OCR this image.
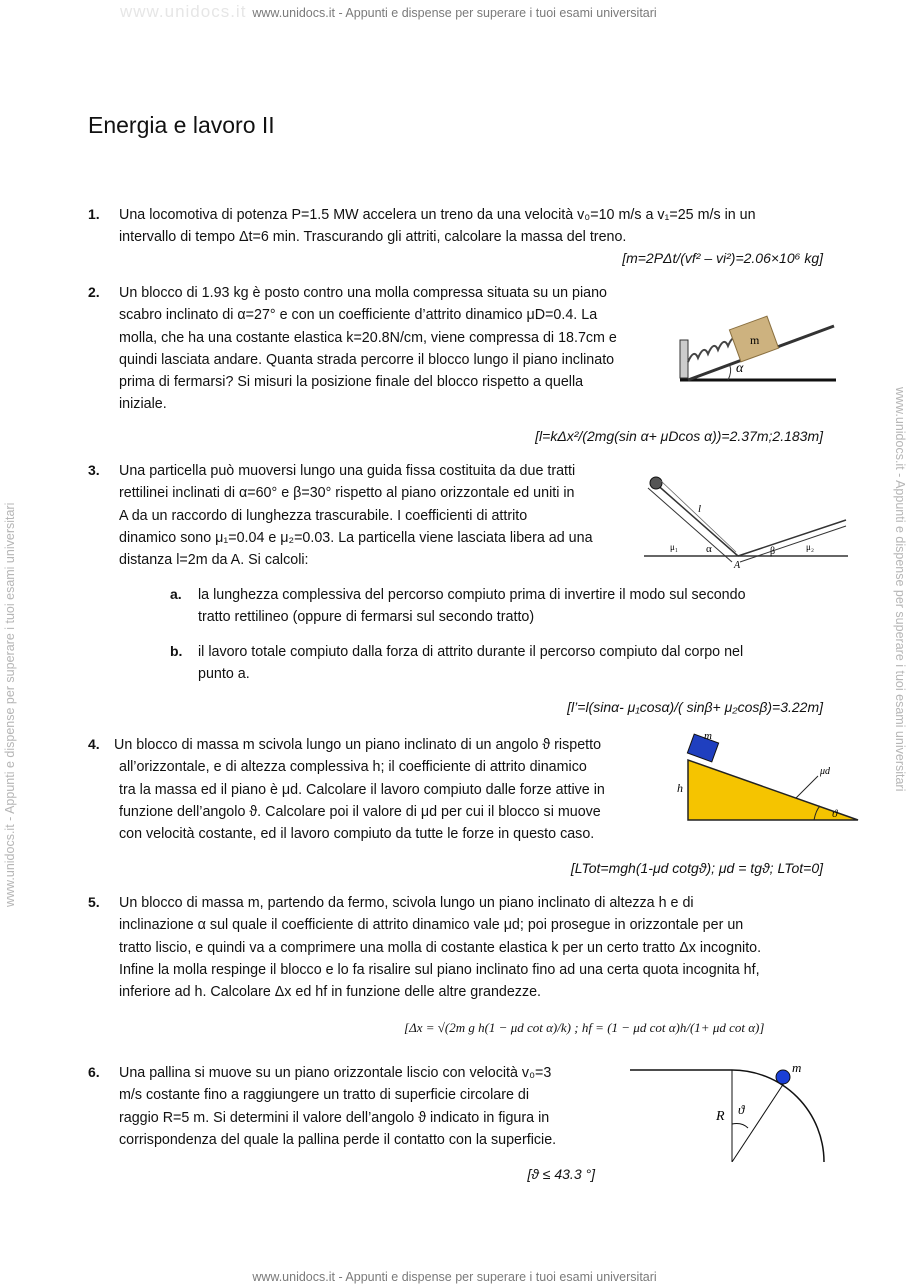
www.unidocs.it www.unidocs.it - Appunti e dispense per superare i tuoi esami universitari
www.unidocs.it - Appunti e dispense per superare i tuoi esami universitari
www.unidocs.it - Appunti e dispense per superare i tuoi esami universitari	www.unidocs.it - Appunti e dispense per superare i tuoi esami universitari
Energia e lavoro II
1.	Una locomotiva di potenza P=1.5 MW accelera un treno da una velocità v₀=10 m/s a v₁=25 m/s in un
intervallo di tempo Δt=6 min. Trascurando gli attriti, calcolare la massa del treno.
[m=2PΔt/(vf² – vi²)=2.06×10⁶ kg]
2.	Un blocco di 1.93 kg è posto contro una molla compressa situata su un piano
scabro inclinato di α=27° e con un coefficiente d’attrito dinamico μD=0.4. La
molla, che ha una costante elastica k=20.8N/cm, viene compressa di 18.7cm e
quindi lasciata andare. Quanta strada percorre il blocco lungo il piano inclinato
prima di fermarsi? Si misuri la posizione finale del blocco rispetto a quella
iniziale.
m
α
[l=kΔx²/(2mg(sin α+ μDcos α))=2.37m;2.183m]
3.	Una particella può muoversi lungo una guida fissa costituita da due tratti
rettilinei inclinati di α=60° e β=30° rispetto al piano orizzontale ed uniti in
A da un raccordo di lunghezza trascurabile. I coefficienti di attrito
dinamico sono μ₁=0.04 e μ₂=0.03. La particella viene lasciata libera ad una
distanza l=2m da A. Si calcoli:
l
α	β
μ₁	μ₂
A
a. la lunghezza complessiva del percorso compiuto prima di invertire il modo sul secondo
tratto rettilineo (oppure di fermarsi sul secondo tratto)
b. il lavoro totale compiuto dalla forza di attrito durante il percorso compiuto dal corpo nel
punto a.
[l’=l(sinα- μ₁cosα)/( sinβ+ μ₂cosβ)=3.22m]
4.	Un blocco di massa m scivola lungo un piano inclinato di un angolo ϑ rispetto
all’orizzontale, e di altezza complessiva h; il coefficiente di attrito dinamico
tra la massa ed il piano è μd. Calcolare il lavoro compiuto dalle forze attive in
funzione dell’angolo ϑ. Calcolare poi il valore di μd per cui il blocco si muove
con velocità costante, ed il lavoro compiuto da tutte le forze in questo caso.
m
h
μd
ϑ
[LTot=mgh(1-μd cotgϑ); μd = tgϑ; LTot=0]
5.	Un blocco di massa m, partendo da fermo, scivola lungo un piano inclinato di altezza h e di
inclinazione α sul quale il coefficiente di attrito dinamico vale μd; poi prosegue in orizzontale per un
tratto liscio, e quindi va a comprimere una molla di costante elastica k per un certo tratto Δx incognito.
Infine la molla respinge il blocco e lo fa risalire sul piano inclinato fino ad una certa quota incognita hf,
inferiore ad h. Calcolare Δx ed hf in funzione delle altre grandezze.
[Δx = √(2m g h(1 − μd cot α)/k) ; hf = (1 − μd cot α)h/(1+ μd cot α)]
6.	Una pallina si muove su un piano orizzontale liscio con velocità v₀=3
m/s costante fino a raggiungere un tratto di superficie circolare di
raggio R=5 m. Si determini il valore dell’angolo ϑ indicato in figura in
corrispondenza del quale la pallina perde il contatto con la superficie.
m
R ϑ
[ϑ ≤ 43.3 °]
